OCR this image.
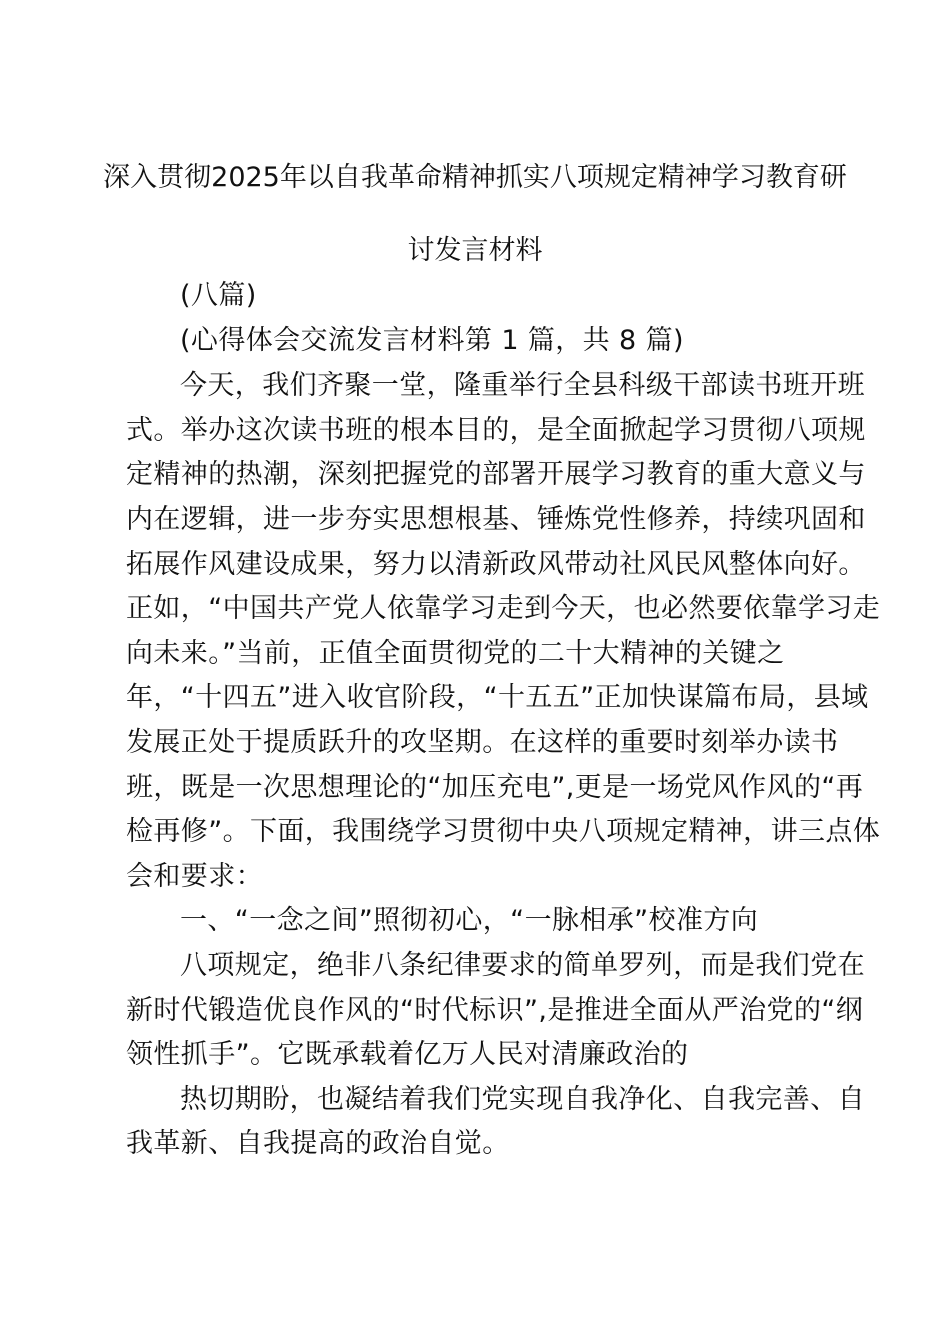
深入贯彻2025年以自我革命精神抓实八项规定精神学习教育研
讨发言材料
(八篇)
(心得体会交流发言材料第 1 篇，共 8 篇)
今天，我们齐聚一堂，隆重举行全县科级干部读书班开班
式。举办这次读书班的根本目的，是全面掀起学习贯彻八项规
定精神的热潮，深刻把握党的部署开展学习教育的重大意义与
内在逻辑，进一步夯实思想根基、锤炼党性修养，持续巩固和
拓展作风建设成果，努力以清新政风带动社风民风整体向好。
正如，“中国共产党人依靠学习走到今天，也必然要依靠学习走
向未来。”当前，正值全面贯彻党的二十大精神的关键之
年，“十四五”进入收官阶段，“十五五”正加快谋篇布局，县域
发展正处于提质跃升的攻坚期。在这样的重要时刻举办读书
班，既是一次思想理论的“加压充电”,更是一场党风作风的“再
检再修”。下面，我围绕学习贯彻中央八项规定精神，讲三点体
会和要求：
一、“一念之间”照彻初心，“一脉相承”校准方向
八项规定，绝非八条纪律要求的简单罗列，而是我们党在
新时代锻造优良作风的“时代标识”,是推进全面从严治党的“纲
领性抓手”。它既承载着亿万人民对清廉政治的
热切期盼，也凝结着我们党实现自我净化、自我完善、自
我革新、自我提高的政治自觉。
